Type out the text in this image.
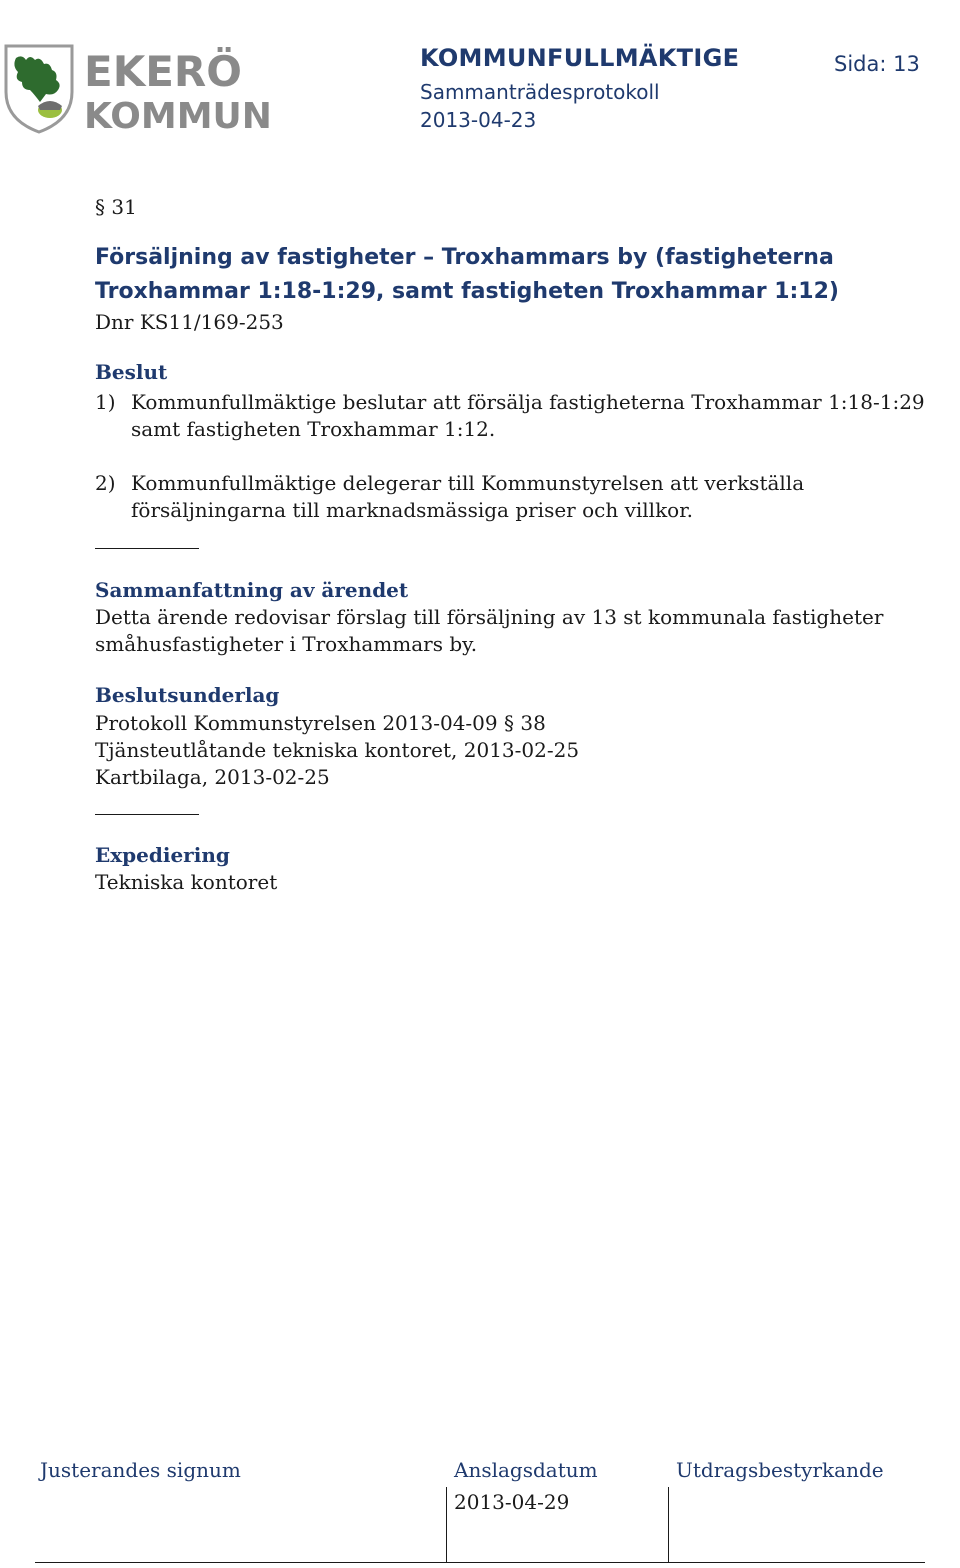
EKERÖ
KOMMUN
KOMMUNFULLMÄKTIGE
Sammanträdesprotokoll
2013-04-23
Sida: 13
§ 31
Försäljning av fastigheter – Troxhammars by (fastigheterna
Troxhammar 1:18-1:29, samt fastigheten Troxhammar 1:12)
Dnr KS11/169-253
Beslut
1) Kommunfullmäktige beslutar att försälja fastigheterna Troxhammar 1:18-1:29
samt fastigheten Troxhammar 1:12.
2) Kommunfullmäktige delegerar till Kommunstyrelsen att verkställa
försäljningarna till marknadsmässiga priser och villkor.
Sammanfattning av ärendet
Detta ärende redovisar förslag till försäljning av 13 st kommunala fastigheter
småhusfastigheter i Troxhammars by.
Beslutsunderlag
Protokoll Kommunstyrelsen 2013-04-09 § 38
Tjänsteutlåtande tekniska kontoret, 2013-02-25
Kartbilaga, 2013-02-25
Expediering
Tekniska kontoret
Justerandes signum	Anslagsdatum
2013-04-29
Utdragsbestyrkande
